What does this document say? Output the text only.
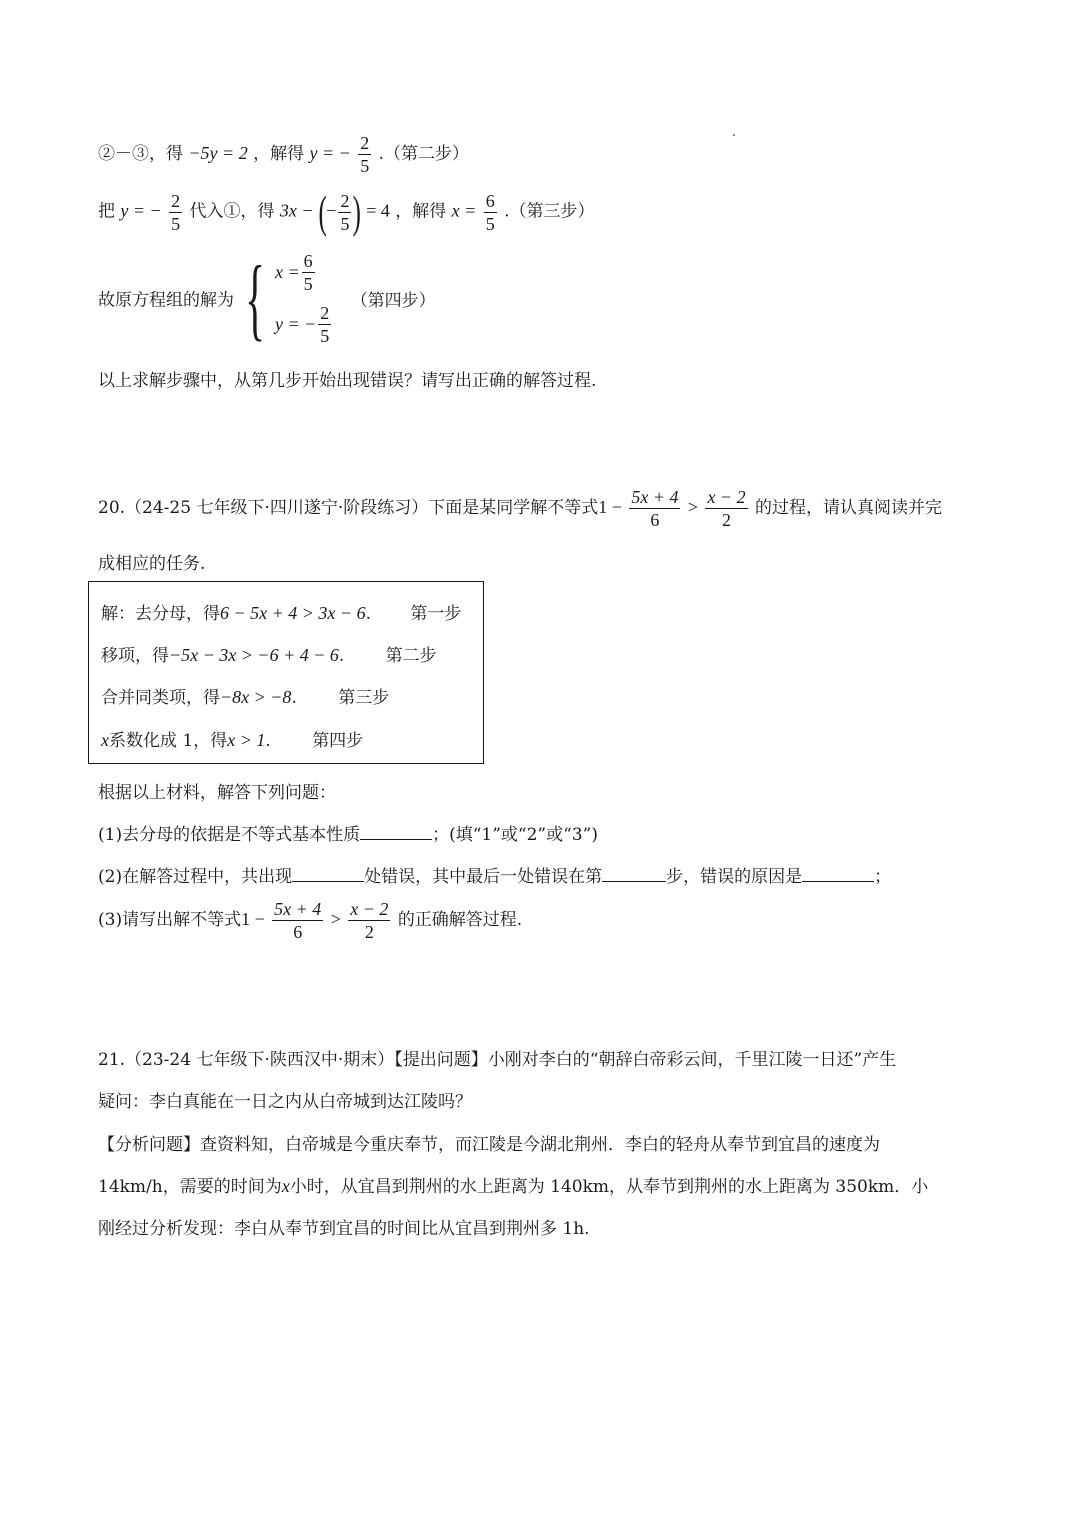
②－③，得 −5y = 2 ，解得 y = − $\frac{2}{5}$ .（第二步）
把 y = − $\frac{2}{5}$ 代入①，得 3x − (− $\frac{2}{5}$ ) = 4 ，解得 $x = \frac{6}{5}$ .（第三步）
故原方程组的解为 { $x = \frac{6}{5}$
y = − $\frac{2}{5}$
（第四步）
以上求解步骤中，从第几步开始出现错误？请写出正确的解答过程.
20.（24-25 七年级下·四川遂宁·阶段练习）下面是某同学解不等式$1 - \frac{5x + 4}{6} > \frac{x - 2}{2}$ 的过程，请认真阅读并完
成相应的任务.
解：去分母，得6 − 5x + 4 > 3x − 6. 第一步
移项，得−5x − 3x > −6 + 4 − 6. 第二步
合并同类项，得−8x > −8. 第三步
x系数化成 1，得x > 1. 第四步
根据以上材料，解答下列问题：
(1)去分母的依据是不等式基本性质	；(填“1”或“2”或“3”)
(2)在解答过程中，共出现	处错误，其中最后一处错误在第	步，错误的原因是	；
(3)请写出解不等式$1 - \frac{5x + 4}{6} > \frac{x - 2}{2}$ 的正确解答过程.
21.（23-24 七年级下·陕西汉中·期末）【提出问题】小刚对李白的“朝辞白帝彩云间，千里江陵一日还”产生
疑问：李白真能在一日之内从白帝城到达江陵吗？
【分析问题】查资料知，白帝城是今重庆奉节，而江陵是今湖北荆州．李白的轻舟从奉节到宜昌的速度为
14km/h，需要的时间为x小时，从宜昌到荆州的水上距离为 140km，从奉节到荆州的水上距离为 350km．小
刚经过分析发现：李白从奉节到宜昌的时间比从宜昌到荆州多 1h.
